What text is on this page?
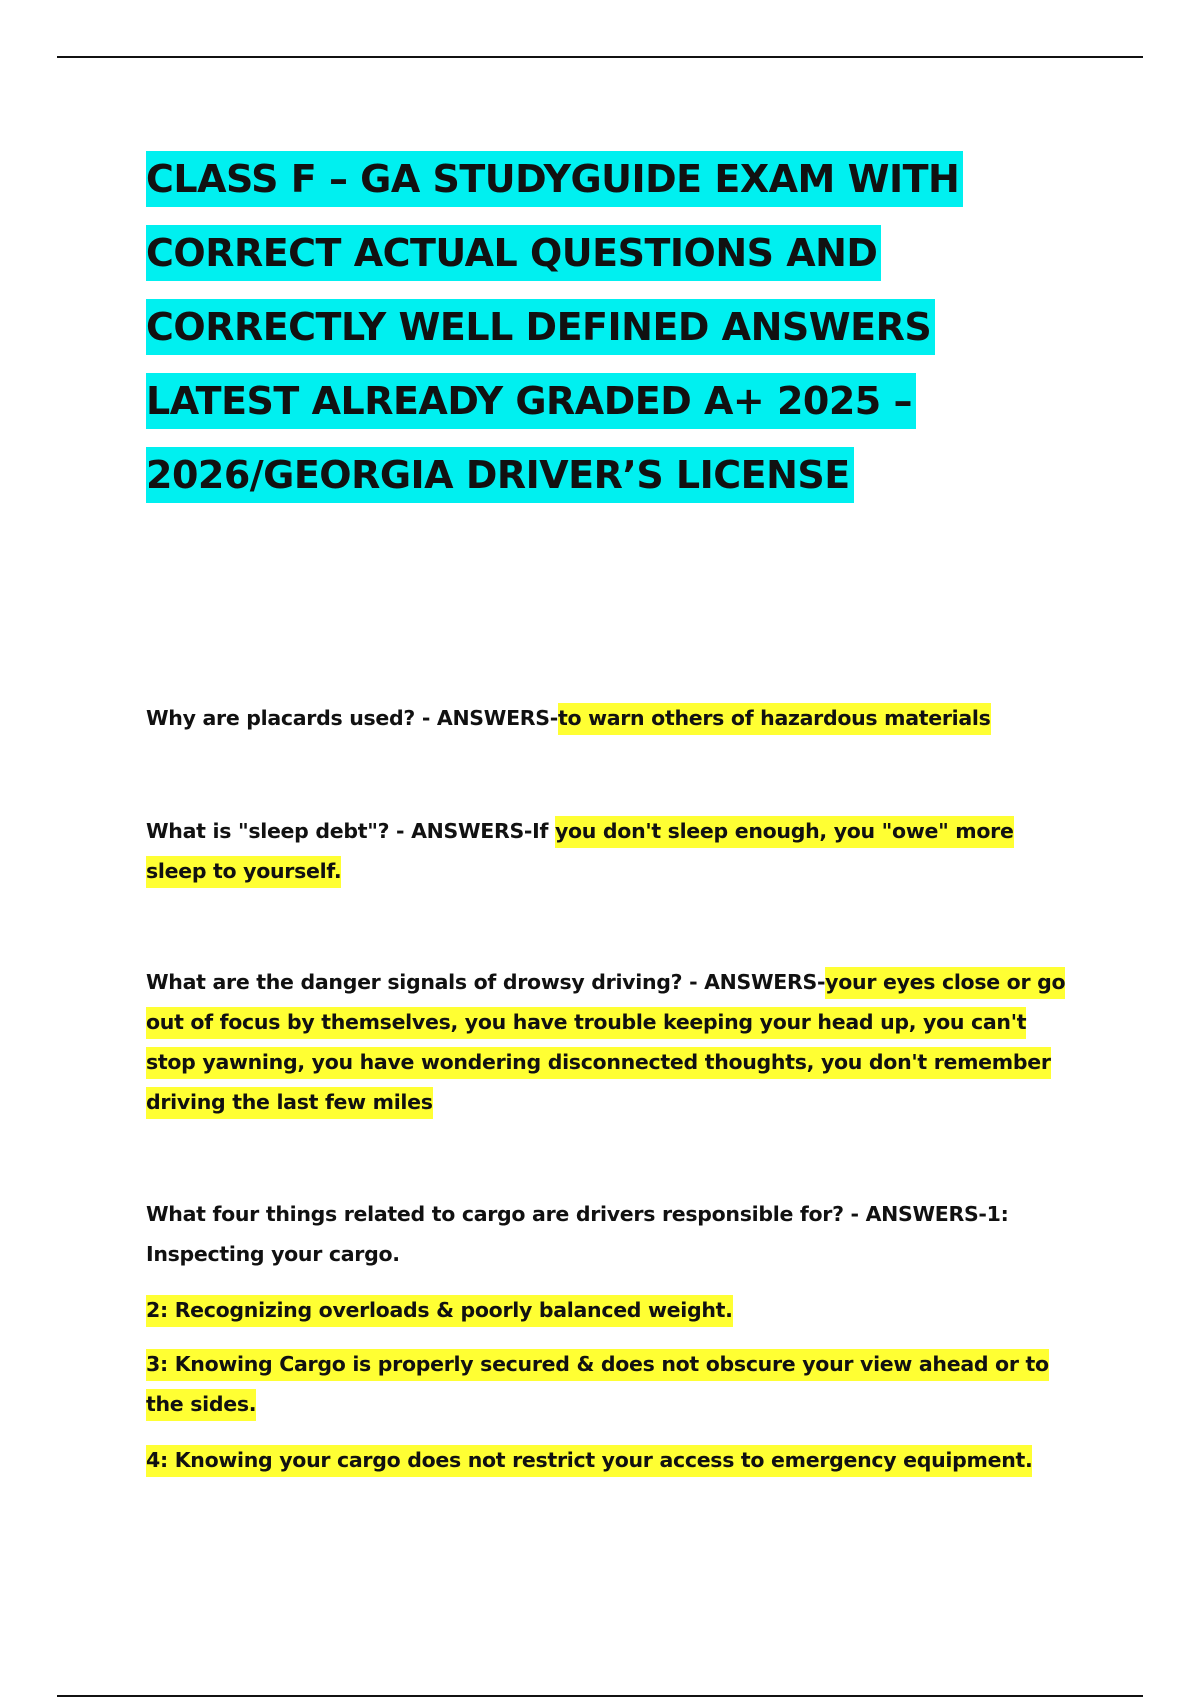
CLASS F – GA STUDYGUIDE EXAM WITH CORRECT ACTUAL QUESTIONS AND CORRECTLY WELL DEFINED ANSWERS LATEST ALREADY GRADED A+ 2025 – 2026/GEORGIA DRIVER’S LICENSE

Why are placards used? - ANSWERS-to warn others of hazardous materials

What is "sleep debt"? - ANSWERS-If you don't sleep enough, you "owe" more sleep to yourself.

What are the danger signals of drowsy driving? - ANSWERS-your eyes close or go out of focus by themselves, you have trouble keeping your head up, you can't stop yawning, you have wondering disconnected thoughts, you don't remember driving the last few miles

What four things related to cargo are drivers responsible for? - ANSWERS-1: Inspecting your cargo.

2: Recognizing overloads & poorly balanced weight.

3: Knowing Cargo is properly secured & does not obscure your view ahead or to the sides.

4: Knowing your cargo does not restrict your access to emergency equipment.
